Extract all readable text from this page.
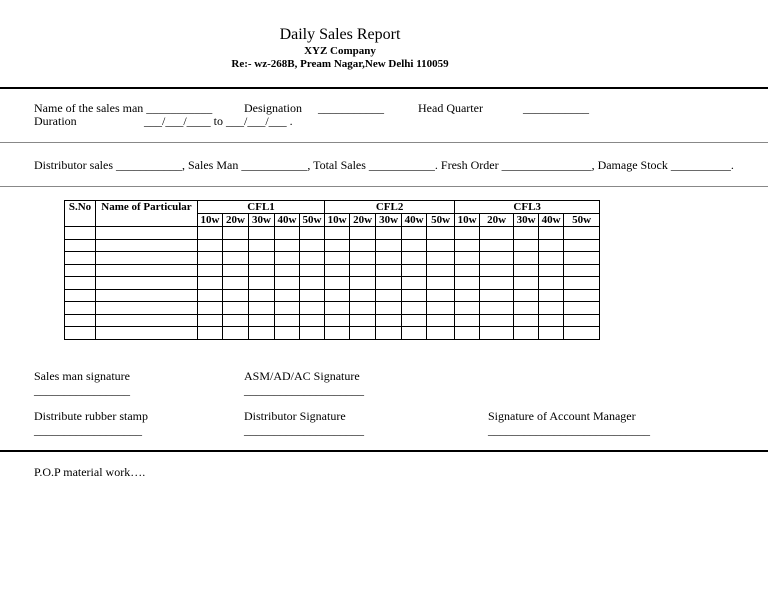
Daily Sales Report
XYZ Company
Re:- wz-268B, Pream Nagar,New Delhi 110059
Name of the sales man ___________	Designation ___________	Head Quarter	___________
Duration	___/___/____ to ___/___/___ .
Distributor sales ___________, Sales Man ___________, Total Sales ___________. Fresh Order _______________, Damage Stock __________.
S.No	Name of Particular	CFL1					CFL2					CFL3				
		10w	20w	30w	40w	50w	10w	20w	30w	40w	50w	10w	20w	30w	40w	50w

Sales man signature
________________
ASM/AD/AC Signature
____________________
Distribute rubber stamp
__________________
Distributor Signature
____________________
Signature of Account Manager
___________________________
P.O.P material work….
